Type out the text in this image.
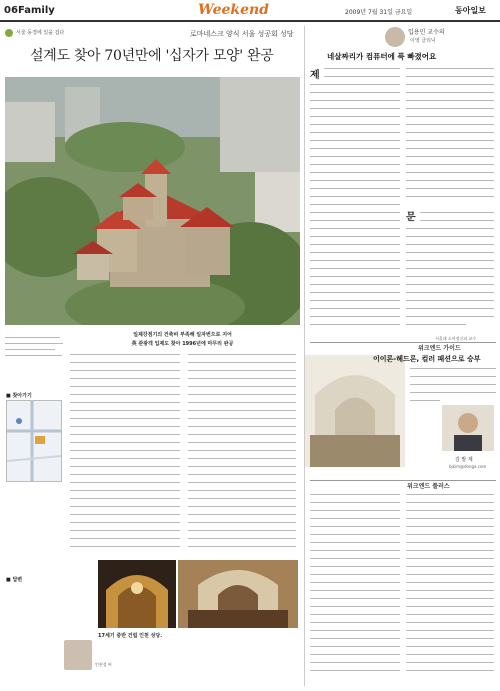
06 Family	Weekend	2009년 7월 31일 금요일	동아일보
서울 동경에 있을 겁다	로마네스크 양식 서울 성공회 성당
설계도 찾아 70년만에 '십자가 모양' 완공
일제강점기의 건축비 부족해 일자번으로 지어
英 관광객 입제도 찾아 1996년에 마무리 완공
■ 찾아가기
■ 답변
17세기 중반 건립 인천 성당.
인천성 씨
입용민 교수의
이영 클리닉
네살짜리가 컴퓨터에 푹 빠졌어요
제
문
서울대 소아정신과 교수
위크엔드 가이드
이이론-헤드론, 컬러 패션으로 승부
김 발 제
bjkim@donga.com
위크엔드 플러스
